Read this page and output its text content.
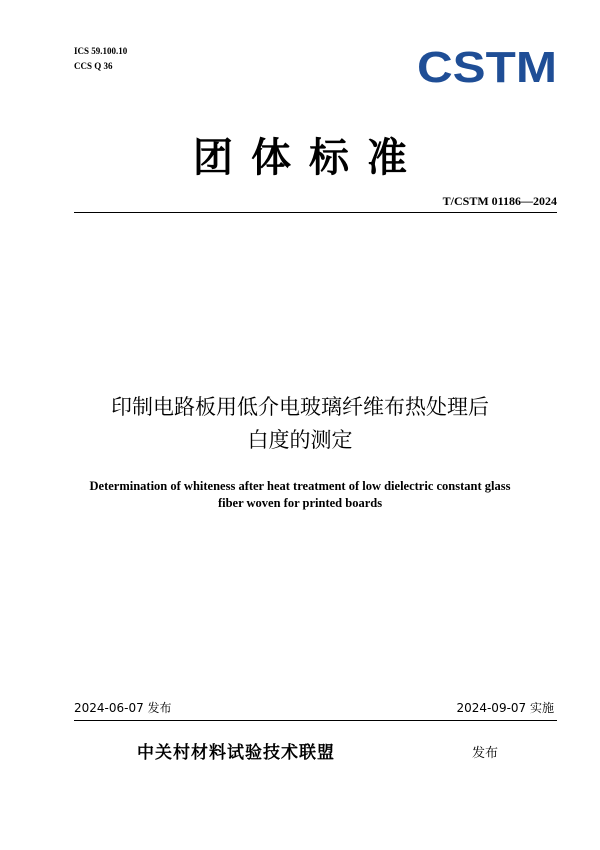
ICS 59.100.10
CCS Q 36	CSTM
团体标准
T/CSTM 01186—2024
印制电路板用低介电玻璃纤维布热处理后
白度的测定
Determination of whiteness after heat treatment of low dielectric constant glass
fiber woven for printed boards
2024-06-07 发布	2024-09-07 实施
中关村材料试验技术联盟	发布
